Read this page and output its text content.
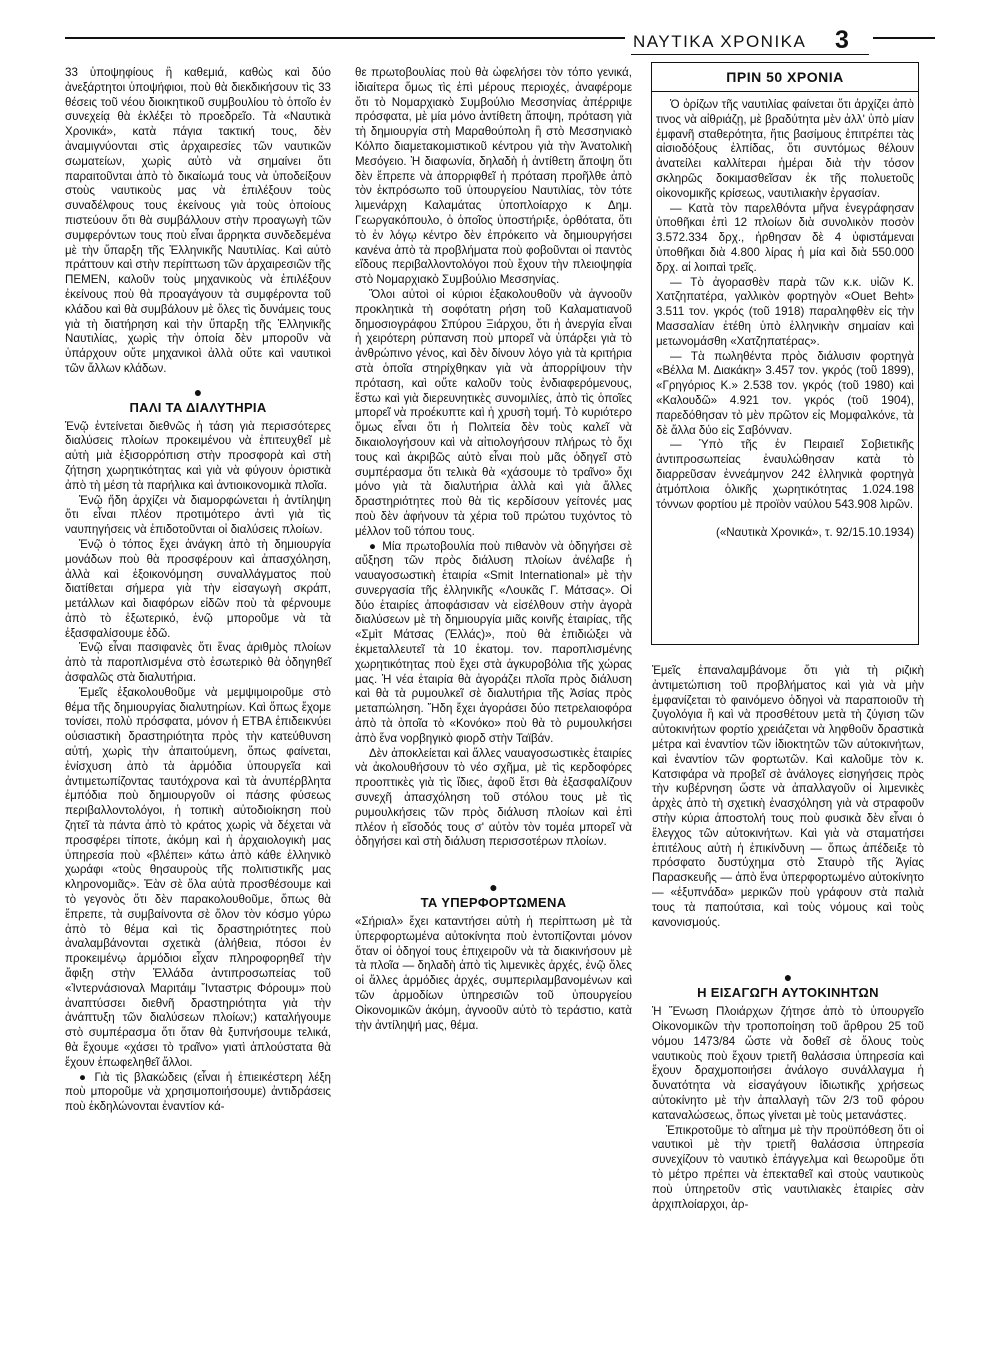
ΝΑΥΤΙΚΑ ΧΡΟΝΙΚΑ 3

33 ὑποψηφίους ἢ καθεμιά, καθὼς καὶ δύο ἀνεξάρτητοι ὑποψήφιοι, ποὺ θὰ διεκδικήσουν τὶς 33 θέσεις τοῦ νέου διοικητικοῦ συμβουλίου τὸ ὁποῖο ἐν συνεχείᾳ θὰ ἐκλέξει τὸ προεδρεῖο. Τὰ «Ναυτικὰ Χρονικά», κατὰ πάγια τακτική τους, δὲν ἀναμιγνύονται στὶς ἀρχαιρεσίες τῶν ναυτικῶν σωματείων, χωρὶς αὐτὸ νὰ σημαίνει ὅτι παραιτοῦνται ἀπὸ τὸ δικαίωμά τους νὰ ὑποδείξουν στοὺς ναυτικοὺς μας νὰ ἐπιλέξουν τοὺς συναδέλφους τους ἐκείνους γιὰ τοὺς ὁποίους πιστεύουν ὅτι θὰ συμβάλλουν στὴν προαγωγὴ τῶν συμφερόντων τους ποὺ εἶναι ἄρρηκτα συνδεδεμένα μὲ τὴν ὕπαρξη τῆς Ἑλληνικῆς Ναυτιλίας. Καὶ αὐτὸ πράττουν καὶ στὴν περίπτωση τῶν ἀρχαιρεσιῶν τῆς ΠΕΜΕΝ, καλοῦν τοὺς μηχανικοὺς νὰ ἐπιλέξουν ἐκείνους ποὺ θὰ προαγάγουν τὰ συμφέροντα τοῦ κλάδου καὶ θὰ συμβάλουν μὲ ὅλες τὶς δυνάμεις τους γιὰ τὴ διατήρηση καὶ τὴν ὕπαρξη τῆς Ἑλληνικῆς Ναυτιλίας, χωρὶς τὴν ὁποία δὲν μποροῦν νὰ ὑπάρχουν οὔτε μηχανικοὶ ἀλλὰ οὔτε καὶ ναυτικοὶ τῶν ἄλλων κλάδων.

●
ΠΑΛΙ ΤΑ ΔΙΑΛΥΤΗΡΙΑ

Ἐνῷ ἐντείνεται διεθνῶς ἡ τάση γιὰ περισσότερες διαλύσεις πλοίων προκειμένου νὰ ἐπιτευχθεῖ μὲ αὐτὴ μιὰ ἐξισορρόπιση στὴν προσφορὰ καὶ στὴ ζήτηση χωρητικότητας καὶ γιὰ νὰ φύγουν ὁριστικὰ ἀπὸ τὴ μέση τὰ παρήλικα καὶ ἀντιοικονομικὰ πλοῖα.

Ἐνῷ ἤδη ἀρχίζει νὰ διαμορφώνεται ἡ ἀντίληψη ὅτι εἶναι πλέον προτιμότερο ἀντὶ γιὰ τὶς ναυπηγήσεις νὰ ἐπιδοτοῦνται οἱ διαλύσεις πλοίων.

Ἐνῷ ὁ τόπος ἔχει ἀνάγκη ἀπὸ τὴ δημιουργία μονάδων ποὺ θὰ προσφέρουν καὶ ἀπασχόληση, ἀλλὰ καὶ ἐξοικονόμηση συναλλάγματος ποὺ διατίθεται σήμερα γιὰ τὴν εἰσαγωγὴ σκράπ, μετάλλων καὶ διαφόρων εἰδῶν ποὺ τὰ φέρνουμε ἀπὸ τὸ ἐξωτερικό, ἐνῷ μποροῦμε νὰ τὰ ἐξασφαλίσουμε ἐδῶ.

Ἐνῷ εἶναι πασιφανὲς ὅτι ἕνας ἀριθμὸς πλοίων ἀπὸ τὰ παροπλισμένα στὸ ἐσωτερικὸ θὰ ὁδηγηθεῖ ἀσφαλῶς στὰ διαλυτήρια.

Ἐμεῖς ἐξακολουθοῦμε νὰ μεμψιμοιροῦμε στὸ θέμα τῆς δημιουργίας διαλυτηρίων. Καὶ ὅπως ἔχομε τονίσει, πολὺ πρόσφατα, μόνον ἡ ΕΤΒΑ ἐπιδεικνύει οὐσιαστικὴ δραστηριότητα πρὸς τὴν κατεύθυνση αὐτή, χωρὶς τὴν ἀπαιτούμενη, ὅπως φαίνεται, ἐνίσχυση ἀπὸ τὰ ἁρμόδια ὑπουργεῖα καὶ ἀντιμετωπίζοντας ταυτόχρονα καὶ τὰ ἀνυπέρβλητα ἐμπόδια ποὺ δημιουργοῦν οἱ πάσης φύσεως περιβαλλοντολόγοι, ἡ τοπικὴ αὐτοδιοίκηση ποὺ ζητεῖ τὰ πάντα ἀπὸ τὸ κράτος χωρὶς νὰ δέχεται νὰ προσφέρει τίποτε, ἀκόμη καὶ ἡ ἀρχαιολογικὴ μας ὑπηρεσία ποὺ «βλέπει» κάτω ἀπὸ κάθε ἑλληνικὸ χωράφι «τοὺς θησαυροὺς τῆς πολιτιστικῆς μας κληρονομιᾶς». Ἐὰν σὲ ὅλα αὐτὰ προσθέσουμε καὶ τὸ γεγονὸς ὅτι δὲν παρακολουθοῦμε, ὅπως θὰ ἔπρεπε, τὰ συμβαίνοντα σὲ ὅλον τὸν κόσμο γύρω ἀπὸ τὸ θέμα καὶ τὶς δραστηριότητες ποὺ ἀναλαμβάνονται σχετικὰ (ἀλήθεια, πόσοι ἐν προκειμένῳ ἁρμόδιοι εἶχαν πληροφορηθεῖ τὴν ἄφιξη στὴν Ἑλλάδα ἀντιπροσωπείας τοῦ «Ἰντερνάσιοναλ Μαριτάιμ Ἴνταστρις Φόρουμ» ποὺ ἀναπτύσσει διεθνῆ δραστηριότητα γιὰ τὴν ἀνάπτυξη τῶν διαλύσεων πλοίων;) καταλήγουμε στὸ συμπέρασμα ὅτι ὅταν θὰ ξυπνήσουμε τελικά, θὰ ἔχουμε «χάσει τὸ τραῖνο» γιατὶ ἀπλούστατα θὰ ἔχουν ἐπωφεληθεῖ ἄλλοι.

● Γιὰ τὶς βλακώδεις (εἶναι ἡ ἐπιεικέστερη λέξη ποὺ μποροῦμε νὰ χρησιμοποιήσουμε) ἀντιδράσεις ποὺ ἐκδηλώνονται ἐναντίον κά-

θε πρωτοβουλίας ποὺ θὰ ὠφελήσει τὸν τόπο γενικά, ἰδιαίτερα ὅμως τὶς ἐπὶ μέρους περιοχές, ἀναφέρομε ὅτι τὸ Νομαρχιακὸ Συμβούλιο Μεσσηνίας ἀπέρριψε πρόσφατα, μὲ μία μόνο ἀντίθετη ἄποψη, πρόταση γιὰ τὴ δημιουργία στὴ Μαραθούπολη ἢ στὸ Μεσσηνιακὸ Κόλπο διαμετακομιστικοῦ κέντρου γιὰ τὴν Ἀνατολικὴ Μεσόγειο. Ἡ διαφωνία, δηλαδὴ ἡ ἀντίθετη ἄποψη ὅτι δὲν ἔπρεπε νὰ ἀπορριφθεῖ ἡ πρόταση προῆλθε ἀπὸ τὸν ἐκπρόσωπο τοῦ ὑπουργείου Ναυτιλίας, τὸν τότε λιμενάρχη Καλαμάτας ὑποπλοίαρχο κ Δημ. Γεωργακόπουλο, ὁ ὁποῖος ὑποστήριξε, ὀρθότατα, ὅτι τὸ ἐν λόγῳ κέντρο δὲν ἐπρόκειτο νὰ δημιουργήσει κανένα ἀπὸ τὰ προβλήματα ποὺ φοβοῦνται οἱ παντὸς εἴδους περιβαλλοντολόγοι ποὺ ἔχουν τὴν πλειοψηφία στὸ Νομαρχιακὸ Συμβούλιο Μεσσηνίας.

Ὅλοι αὐτοὶ οἱ κύριοι ἐξακολουθοῦν νὰ ἀγνοοῦν προκλητικὰ τὴ σοφότατη ρήση τοῦ Καλαματιανοῦ δημοσιογράφου Σπύρου Ξιάρχου, ὅτι ἡ ἀνεργία εἶναι ἡ χειρότερη ρύπανση ποὺ μπορεῖ νὰ ὑπάρξει γιὰ τὸ ἀνθρώπινο γένος, καὶ δὲν δίνουν λόγο γιὰ τὰ κριτήρια στὰ ὁποῖα στηρίχθηκαν γιὰ νὰ ἀπορρίψουν τὴν πρόταση, καὶ οὔτε καλοῦν τοὺς ἐνδιαφερόμενους, ἔστω καὶ γιὰ διερευνητικὲς συνομιλίες, ἀπὸ τὶς ὁποῖες μπορεῖ νὰ προέκυπτε καὶ ἡ χρυσὴ τομή. Τὸ κυριότερο ὅμως εἶναι ὅτι ἡ Πολιτεία δὲν τοὺς καλεῖ νὰ δικαιολογήσουν καὶ νὰ αἰτιολογήσουν πλήρως τὸ ὄχι τους καὶ ἀκριβῶς αὐτὸ εἶναι ποὺ μᾶς ὁδηγεῖ στὸ συμπέρασμα ὅτι τελικὰ θὰ «χάσουμε τὸ τραῖνο» ὄχι μόνο γιὰ τὰ διαλυτήρια ἀλλὰ καὶ γιὰ ἄλλες δραστηριότητες ποὺ θὰ τὶς κερδίσουν γείτονές μας ποὺ δὲν ἀφήνουν τὰ χέρια τοῦ πρώτου τυχόντος τὸ μέλλον τοῦ τόπου τους.

● Μία πρωτοβουλία ποὺ πιθανὸν νὰ ὁδηγήσει σὲ αὔξηση τῶν πρὸς διάλυση πλοίων ἀνέλαβε ἡ ναυαγοσωστικὴ ἑταιρία «Smit International» μὲ τὴν συνεργασία τῆς ἑλληνικῆς «Λουκᾶς Γ. Μάτσας». Οἱ δύο ἑταιρίες ἀποφάσισαν νὰ εἰσέλθουν στὴν ἀγορὰ διαλύσεων μὲ τὴ δημιουργία μιᾶς κοινῆς ἑταιρίας, τῆς «Σμὶτ Μάτσας (Ἑλλάς)», ποὺ θὰ ἐπιδιώξει νὰ ἐκμεταλλευτεῖ τὰ 10 ἑκατομ. τον. παροπλισμένης χωρητικότητας ποὺ ἔχει στὰ ἀγκυροβόλια τῆς χώρας μας. Ἡ νέα ἑταιρία θὰ ἀγοράζει πλοῖα πρὸς διάλυση καὶ θὰ τὰ ρυμουλκεῖ σὲ διαλυτήρια τῆς Ἀσίας πρὸς μεταπώληση. Ἤδη ἔχει ἀγοράσει δύο πετρελαιοφόρα ἀπὸ τὰ ὁποῖα τὸ «Κονόκο» ποὺ θὰ τὸ ρυμουλκήσει ἀπὸ ἕνα νορβηγικὸ φιορδ στὴν Ταϊβάν.

Δὲν ἀποκλείεται καὶ ἄλλες ναυαγοσωστικὲς ἑταιρίες νὰ ἀκολουθήσουν τὸ νέο σχῆμα, μὲ τὶς κερδοφόρες προοπτικὲς γιὰ τὶς ἴδιες, ἀφοῦ ἔτσι θὰ ἐξασφαλίζουν συνεχῆ ἀπασχόληση τοῦ στόλου τους μὲ τὶς ρυμουλκήσεις τῶν πρὸς διάλυση πλοίων καὶ ἐπὶ πλέον ἡ εἴσοδός τους σ' αὐτὸν τὸν τομέα μπορεῖ νὰ ὁδηγήσει καὶ στὴ διάλυση περισσοτέρων πλοίων.

●
ΤΑ ΥΠΕΡΦΟΡΤΩΜΕΝΑ

«Σήριαλ» ἔχει καταντήσει αὐτὴ ἡ περίπτωση μὲ τὰ ὑπερφορτωμένα αὐτοκίνητα ποὺ ἐντοπίζονται μόνον ὅταν οἱ ὁδηγοί τους ἐπιχειροῦν νὰ τὰ διακινήσουν μὲ τὰ πλοῖα — δηλαδὴ ἀπὸ τὶς λιμενικὲς ἀρχές, ἐνῷ ὅλες οἱ ἄλλες ἁρμόδιες ἀρχές, συμπεριλαμβανομένων καὶ τῶν ἁρμοδίων ὑπηρεσιῶν τοῦ ὑπουργείου Οἰκονομικῶν ἀκόμη, ἀγνοοῦν αὐτὸ τὸ τεράστιο, κατὰ τὴν ἀντίληψή μας, θέμα.

ΠΡΙΝ 50 ΧΡΟΝΙΑ

Ὁ ὁρίζων τῆς ναυτιλίας φαίνεται ὅτι ἀρχίζει ἀπὸ τινος νὰ αἰθριάζῃ, μὲ βραδύτητα μὲν ἀλλ' ὑπὸ μίαν ἐμφανῆ σταθερότητα, ἥτις βασίμους ἐπιτρέπει τὰς αἰσιοδόξους ἐλπίδας, ὅτι συντόμως θέλουν ἀνατείλει καλλίτεραι ἡμέραι διὰ τὴν τόσον σκληρῶς δοκιμασθεῖσαν ἐκ τῆς πολυετοῦς οἰκονομικῆς κρίσεως, ναυτιλιακὴν ἐργασίαν.

— Κατὰ τὸν παρελθόντα μῆνα ἐνεγράφησαν ὑποθῆκαι ἐπὶ 12 πλοίων διὰ συνολικὸν ποσὸν 3.572.334 δρχ., ἠρθησαν δὲ 4 ὑφιστάμεναι ὑποθῆκαι διὰ 4.800 λίρας ἡ μία καὶ διὰ 550.000 δρχ. αἱ λοιπαὶ τρεῖς.

— Τὸ ἀγορασθὲν παρὰ τῶν κ.κ. υἱῶν Κ. Χατζηπατέρα, γαλλικὸν φορτηγὸν «Ouet Beht» 3.511 τον. γκρός (τοῦ 1918) παραληφθὲν εἰς τὴν Μασσαλίαν ἐτέθη ὑπὸ ἑλληνικὴν σημαίαν καὶ μετωνομάσθη «Χατζηπατέρας».

— Τὰ πωληθέντα πρὸς διάλυσιν φορτηγὰ «Βέλλα Μ. Διακάκη» 3.457 τον. γκρός (τοῦ 1899), «Γρηγόριος Κ.» 2.538 τον. γκρός (τοῦ 1980) καὶ «Καλουδῶ» 4.921 τον. γκρός (τοῦ 1904), παρεδόθησαν τὸ μὲν πρῶτον εἰς Μομφαλκόνε, τὰ δὲ ἄλλα δύο εἰς Σαβόνναν.

— Ὑπὸ τῆς ἐν Πειραιεῖ Σοβιετικῆς ἀντιπροσωπείας ἐναυλώθησαν κατὰ τὸ διαρρεῦσαν ἑννεάμηνον 242 ἑλληνικὰ φορτηγὰ ἀτμόπλοια ὁλικῆς χωρητικότητας 1.024.198 τόννων φορτίου μὲ προϊὸν ναύλου 543.908 λιρῶν.

(«Ναυτικὰ Χρονικά», τ. 92/15.10.1934)

Ἐμεῖς ἐπαναλαμβάνομε ὅτι γιὰ τὴ ριζικὴ ἀντιμετώπιση τοῦ προβλήματος καὶ γιὰ νὰ μὴν ἐμφανίζεται τὸ φαινόμενο ὁδηγοὶ νὰ παραποιοῦν τὴ ζυγολόγια ἢ καὶ νὰ προσθέτουν μετὰ τὴ ζύγιση τῶν αὐτοκινήτων φορτίο χρειάζεται νὰ ληφθοῦν δραστικὰ μέτρα καὶ ἐναντίον τῶν ἰδιοκτητῶν τῶν αὐτοκινήτων, καὶ ἐναντίον τῶν φορτωτῶν. Καὶ καλοῦμε τὸν κ. Κατσιφάρα νὰ προβεῖ σὲ ἀνάλογες εἰσηγήσεις πρὸς τὴν κυβέρνηση ὥστε νὰ ἀπαλλαγοῦν οἱ λιμενικὲς ἀρχὲς ἀπὸ τὴ σχετικὴ ἐνασχόληση γιὰ νὰ στραφοῦν στὴν κύρια ἀποστολή τους ποὺ φυσικὰ δὲν εἶναι ὁ ἔλεγχος τῶν αὐτοκινήτων. Καὶ γιὰ νὰ σταματήσει ἐπιτέλους αὐτὴ ἡ ἐπικίνδυνη — ὅπως ἀπέδειξε τὸ πρόσφατο δυστύχημα στὸ Σταυρὸ τῆς Ἁγίας Παρασκευῆς — ἀπὸ ἕνα ὑπερφορτωμένο αὐτοκίνητο — «ἐξυπνάδα» μερικῶν ποὺ γράφουν στὰ παλιὰ τους τὰ παπούτσια, καὶ τοὺς νόμους καὶ τοὺς κανονισμούς.

●
Η ΕΙΣΑΓΩΓΗ ΑΥΤΟΚΙΝΗΤΩΝ

Ἡ Ἕνωση Πλοιάρχων ζήτησε ἀπὸ τὸ ὑπουργεῖο Οἰκονομικῶν τὴν τροποποίηση τοῦ ἄρθρου 25 τοῦ νόμου 1473/84 ὥστε νὰ δοθεῖ σὲ ὅλους τοὺς ναυτικοὺς ποὺ ἔχουν τριετῆ θαλάσσια ὑπηρεσία καὶ ἔχουν δραχμοποιήσει ἀνάλογο συνάλλαγμα ἡ δυνατότητα νὰ εἰσαγάγουν ἰδιωτικῆς χρήσεως αὐτοκίνητο μὲ τὴν ἀπαλλαγὴ τῶν 2/3 τοῦ φόρου καταναλώσεως, ὅπως γίνεται μὲ τοὺς μετανάστες.

Ἐπικροτοῦμε τὸ αἴτημα μὲ τὴν προϋπόθεση ὅτι οἱ ναυτικοὶ μὲ τὴν τριετῆ θαλάσσια ὑπηρεσία συνεχίζουν τὸ ναυτικὸ ἐπάγγελμα καὶ θεωροῦμε ὅτι τὸ μέτρο πρέπει νὰ ἐπεκταθεῖ καὶ στοὺς ναυτικοὺς ποὺ ὑπηρετοῦν στὶς ναυτιλιακὲς ἑταιρίες σὰν ἀρχιπλοίαρχοι, ἀρ-
